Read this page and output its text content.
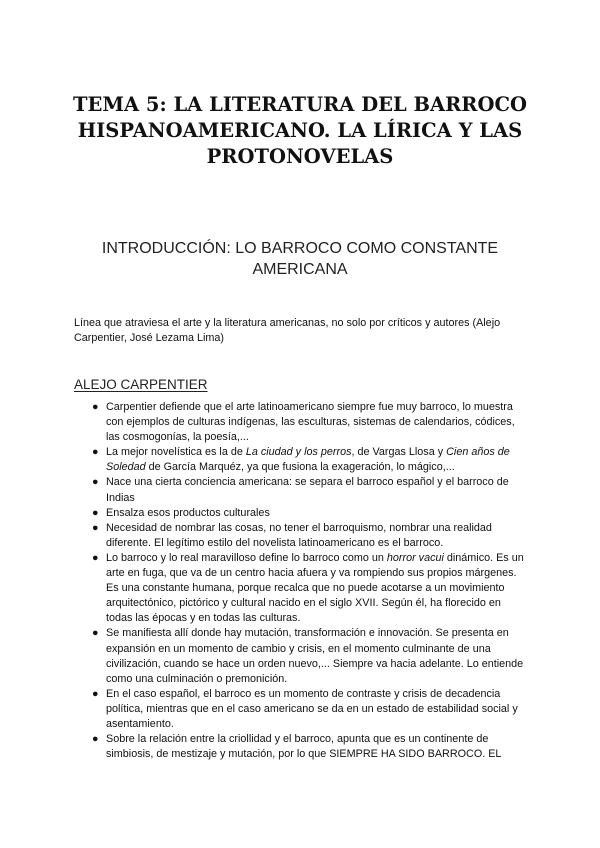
TEMA 5: LA LITERATURA DEL BARROCO HISPANOAMERICANO. LA LÍRICA Y LAS PROTONOVELAS
INTRODUCCIÓN: LO BARROCO COMO CONSTANTE AMERICANA

Línea que atraviesa el arte y la literatura americanas, no solo por críticos y autores (Alejo Carpentier, José Lezama Lima)

ALEJO CARPENTIER
● Carpentier defiende que el arte latinoamericano siempre fue muy barroco, lo muestra con ejemplos de culturas indígenas, las esculturas, sistemas de calendarios, códices, las cosmogonías, la poesía,...
● La mejor novelística es la de La ciudad y los perros, de Vargas Llosa y Cien años de Soledad de García Marquéz, ya que fusiona la exageración, lo mágico,...
● Nace una cierta conciencia americana: se separa el barroco español y el barroco de Indias
● Ensalza esos productos culturales
● Necesidad de nombrar las cosas, no tener el barroquismo, nombrar una realidad diferente. El legítimo estilo del novelista latinoamericano es el barroco.
● Lo barroco y lo real maravilloso define lo barroco como un horror vacui dinámico. Es un arte en fuga, que va de un centro hacia afuera y va rompiendo sus propios márgenes. Es una constante humana, porque recalca que no puede acotarse a un movimiento arquitectónico, pictórico y cultural nacido en el siglo XVII. Según él, ha florecido en todas las épocas y en todas las culturas.
● Se manifiesta allí donde hay mutación, transformación e innovación. Se presenta en expansión en un momento de cambio y crisis, en el momento culminante de una civilización, cuando se hace un orden nuevo,... Siempre va hacia adelante. Lo entiende como una culminación o premonición.
● En el caso español, el barroco es un momento de contraste y crisis de decadencia política, mientras que en el caso americano se da en un estado de estabilidad social y asentamiento.
● Sobre la relación entre la criollidad y el barroco, apunta que es un continente de simbiosis, de mestizaje y mutación, por lo que SIEMPRE HA SIDO BARROCO. EL
